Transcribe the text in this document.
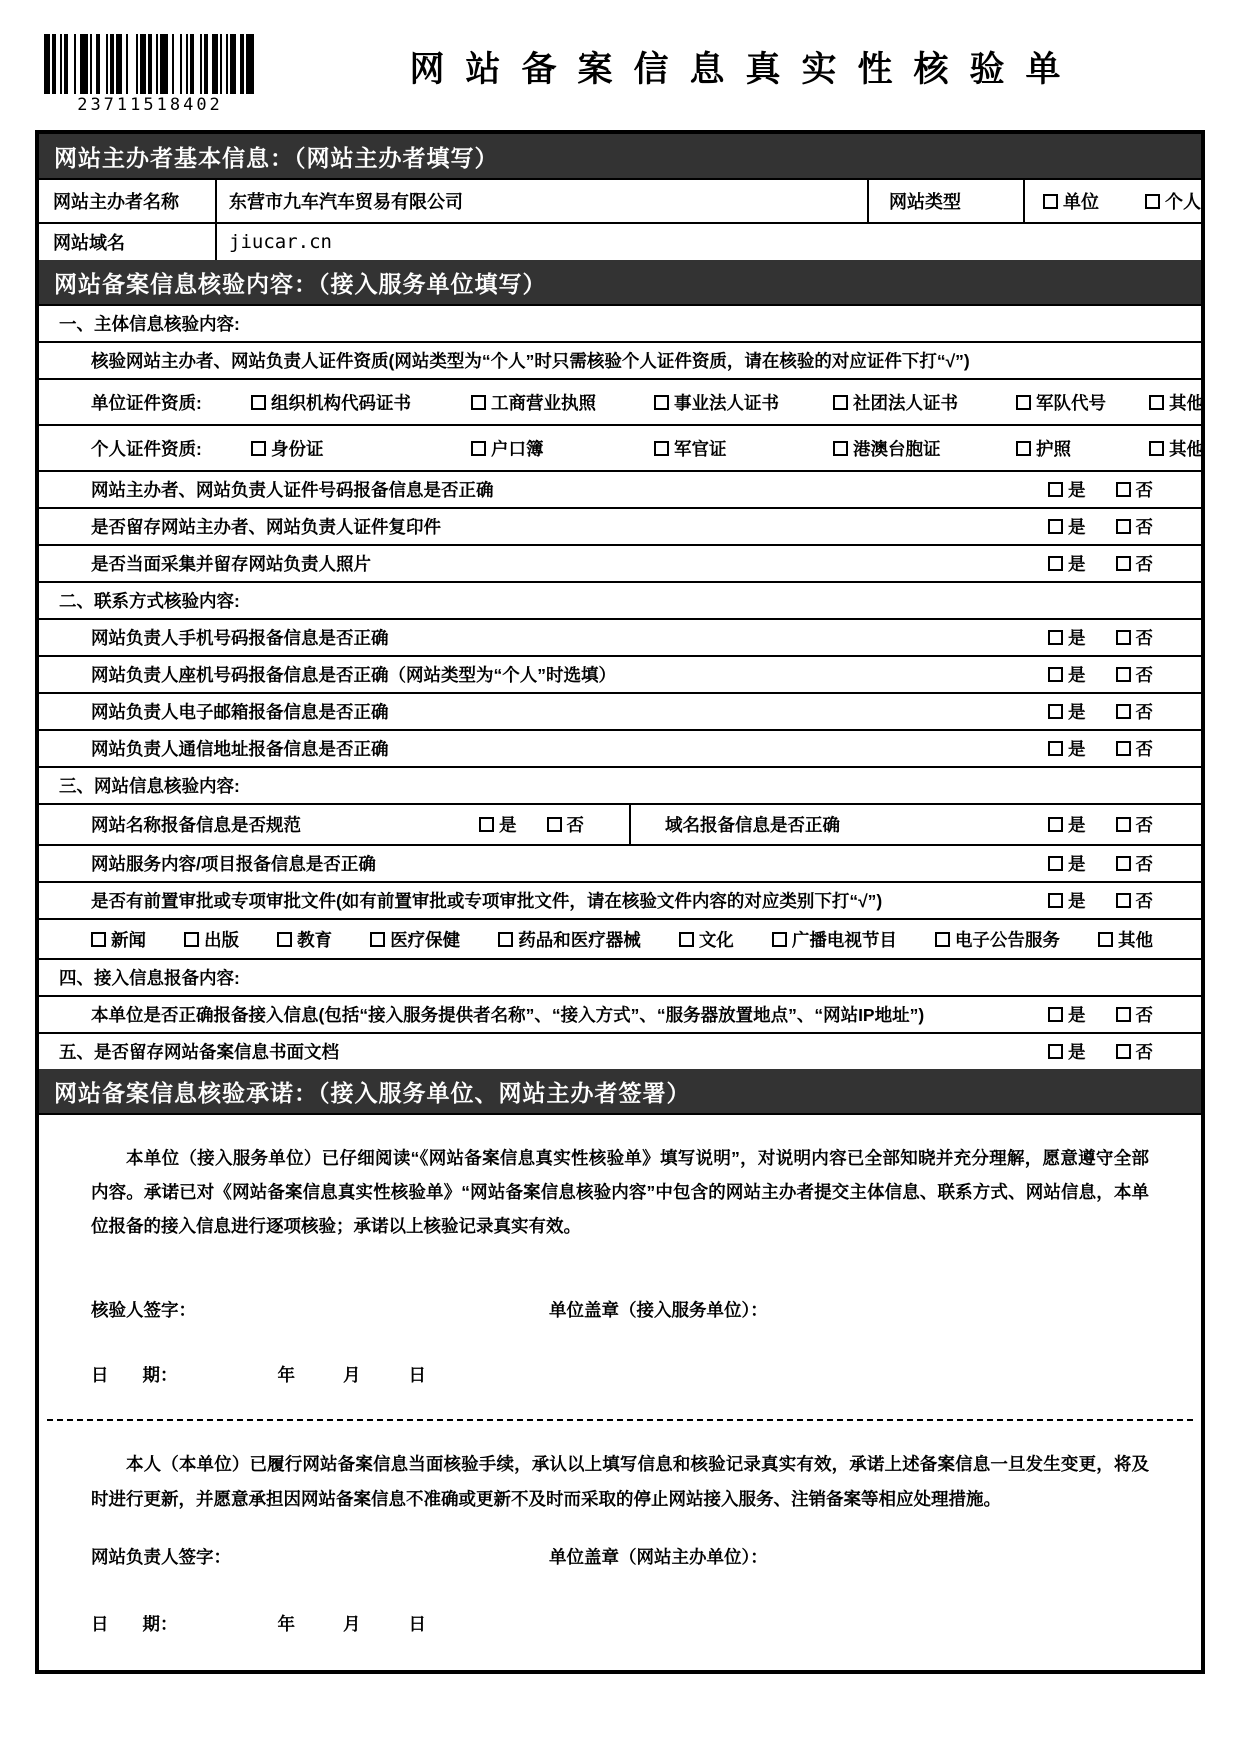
23711518402
网站备案信息真实性核验单
网站主办者基本信息：（网站主办者填写）
网站主办者名称	东营市九车汽车贸易有限公司	网站类型	单位	个人
网站域名	jiucar.cn
网站备案信息核验内容：（接入服务单位填写）
一、主体信息核验内容:
核验网站主办者、网站负责人证件资质(网站类型为“个人”时只需核验个人证件资质，请在核验的对应证件下打“√”)
单位证件资质:	组织机构代码证书	工商营业执照	事业法人证书	社团法人证书	军队代号	其他
个人证件资质:	身份证	户口簿	军官证	港澳台胞证	护照	其他
网站主办者、网站负责人证件号码报备信息是否正确	是	否
是否留存网站主办者、网站负责人证件复印件	是	否
是否当面采集并留存网站负责人照片	是	否
二、联系方式核验内容:
网站负责人手机号码报备信息是否正确	是	否
网站负责人座机号码报备信息是否正确（网站类型为“个人”时选填）	是	否
网站负责人电子邮箱报备信息是否正确	是	否
网站负责人通信地址报备信息是否正确	是	否
三、网站信息核验内容:
网站名称报备信息是否规范	是	否	域名报备信息是否正确	是	否
网站服务内容/项目报备信息是否正确	是	否
是否有前置审批或专项审批文件(如有前置审批或专项审批文件，请在核验文件内容的对应类别下打“√”)	是	否
新闻	出版	教育	医疗保健	药品和医疗器械	文化	广播电视节目	电子公告服务	其他
四、接入信息报备内容:
本单位是否正确报备接入信息(包括“接入服务提供者名称”、“接入方式”、“服务器放置地点”、“网站IP地址”)	是	否
五、是否留存网站备案信息书面文档	是	否
网站备案信息核验承诺：（接入服务单位、网站主办者签署）

本单位（接入服务单位）已仔细阅读“《网站备案信息真实性核验单》填写说明”，对说明内容已全部知晓并充分理解，愿意遵守全部内容。承诺已对《网站备案信息真实性核验单》“网站备案信息核验内容”中包含的网站主办者提交主体信息、联系方式、网站信息，本单位报备的接入信息进行逐项核验；承诺以上核验记录真实有效。

核验人签字：	单位盖章（接入服务单位）：
日 期：	年	月	日

本人（本单位）已履行网站备案信息当面核验手续，承认以上填写信息和核验记录真实有效，承诺上述备案信息一旦发生变更，将及时进行更新，并愿意承担因网站备案信息不准确或更新不及时而采取的停止网站接入服务、注销备案等相应处理措施。

网站负责人签字：	单位盖章（网站主办单位）：
日 期：	年	月	日
